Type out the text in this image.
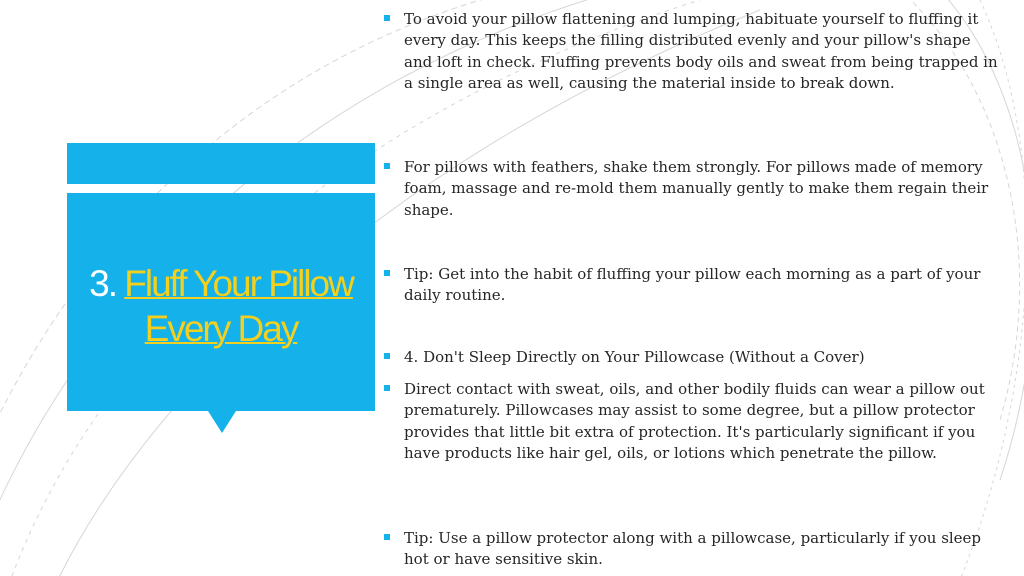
3. Fluff Your Pillow Every Day
To avoid your pillow flattening and lumping, habituate yourself to fluffing it every day. This keeps the filling distributed evenly and your pillow's shape and loft in check. Fluffing prevents body oils and sweat from being trapped in a single area as well, causing the material inside to break down.
For pillows with feathers, shake them strongly. For pillows made of memory foam, massage and re-mold them manually gently to make them regain their shape.
Tip: Get into the habit of fluffing your pillow each morning as a part of your daily routine.
4. Don't Sleep Directly on Your Pillowcase (Without a Cover)
Direct contact with sweat, oils, and other bodily fluids can wear a pillow out prematurely. Pillowcases may assist to some degree, but a pillow protector provides that little bit extra of protection. It's particularly significant if you have products like hair gel, oils, or lotions which penetrate the pillow.
Tip: Use a pillow protector along with a pillowcase, particularly if you sleep hot or have sensitive skin.
